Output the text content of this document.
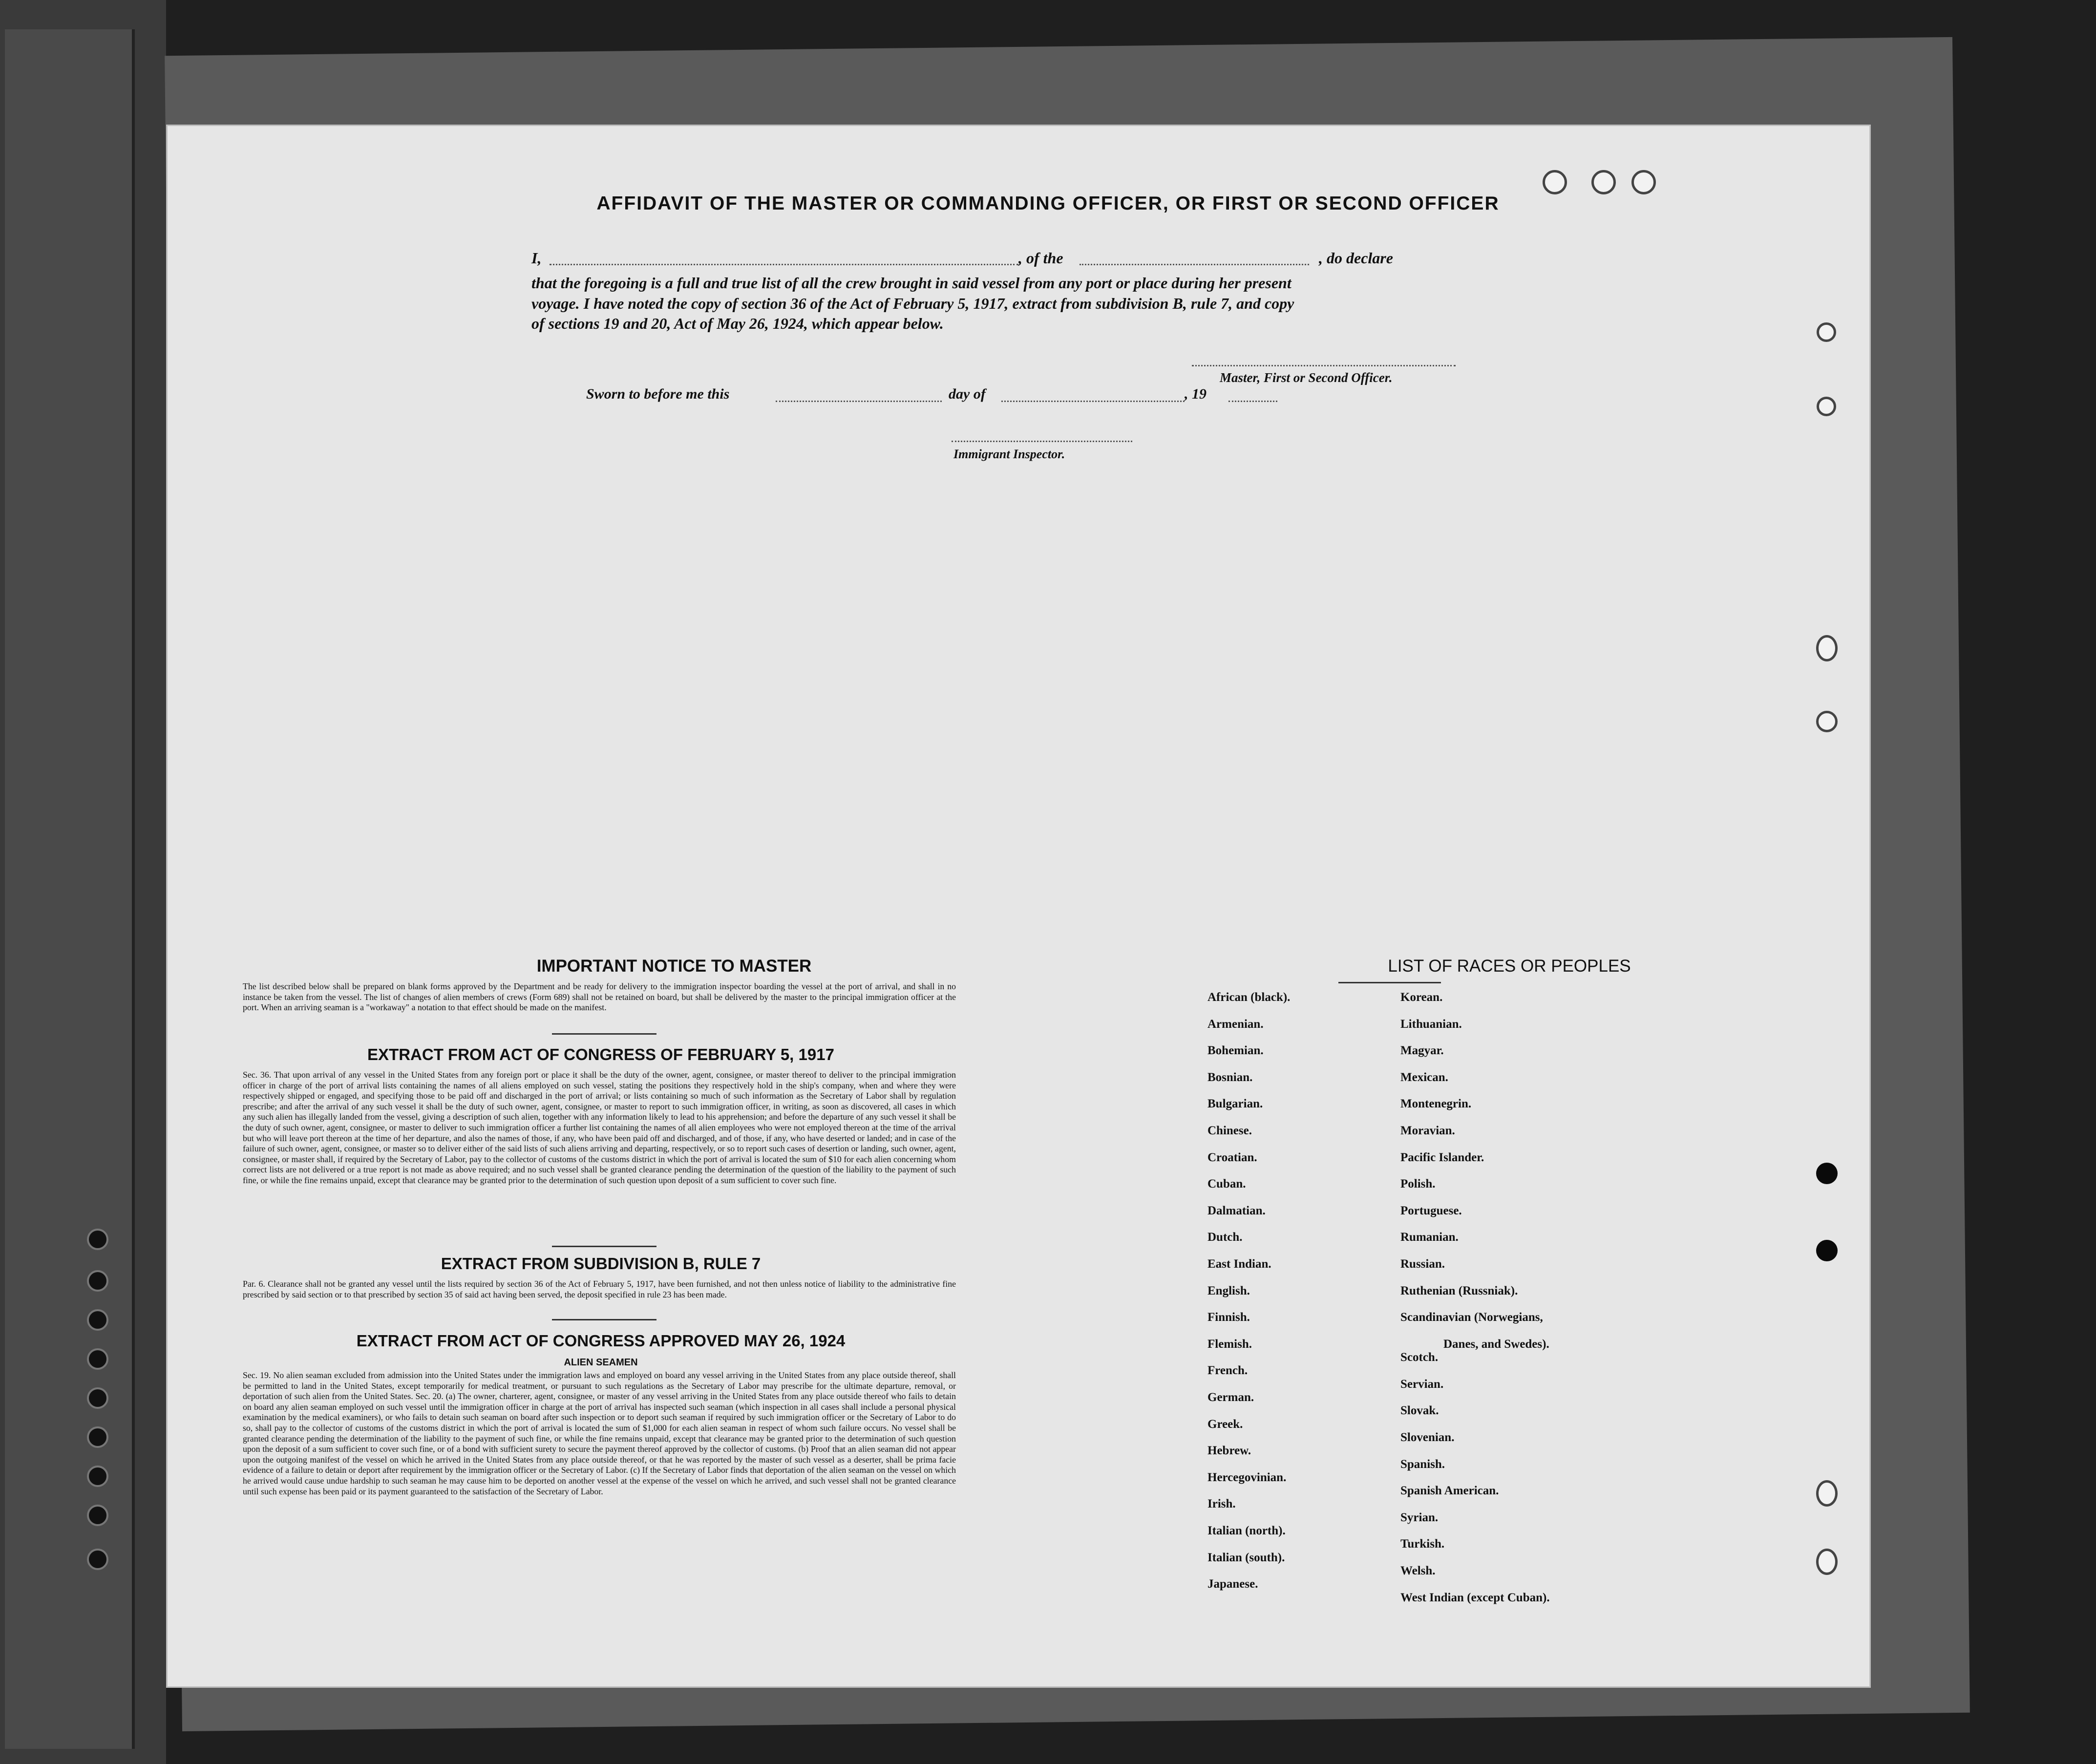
AFFIDAVIT OF THE MASTER OR COMMANDING OFFICER, OR FIRST OR SECOND OFFICER
I,	, of the	, do declare
that the foregoing is a full and true list of all the crew brought in said vessel from any port or place during her present
voyage. I have noted the copy of section 36 of the Act of February 5, 1917, extract from subdivision B, rule 7, and copy
of sections 19 and 20, Act of May 26, 1924, which appear below.
Master, First or Second Officer.
Sworn to before me this	day of	, 19
Immigrant Inspector.
IMPORTANT NOTICE TO MASTER
The list described below shall be prepared on blank forms approved by the Department and be ready for delivery to the immigration inspector boarding the vessel at the port of arrival, and shall in no instance be taken from the vessel. The list of changes of alien members of crews (Form 689) shall not be retained on board, but shall be delivered by the master to the principal immigration officer at the port. When an arriving seaman is a "workaway" a notation to that effect should be made on the manifest.
EXTRACT FROM ACT OF CONGRESS OF FEBRUARY 5, 1917
Sec. 36. That upon arrival of any vessel in the United States from any foreign port or place it shall be the duty of the owner, agent, consignee, or master thereof to deliver to the principal immigration officer in charge of the port of arrival lists containing the names of all aliens employed on such vessel, stating the positions they respectively hold in the ship's company, when and where they were respectively shipped or engaged, and specifying those to be paid off and discharged in the port of arrival; or lists containing so much of such information as the Secretary of Labor shall by regulation prescribe; and after the arrival of any such vessel it shall be the duty of such owner, agent, consignee, or master to report to such immigration officer, in writing, as soon as discovered, all cases in which any such alien has illegally landed from the vessel, giving a description of such alien, together with any information likely to lead to his apprehension; and before the departure of any such vessel it shall be the duty of such owner, agent, consignee, or master to deliver to such immigration officer a further list containing the names of all alien employees who were not employed thereon at the time of the arrival but who will leave port thereon at the time of her departure, and also the names of those, if any, who have been paid off and discharged, and of those, if any, who have deserted or landed; and in case of the failure of such owner, agent, consignee, or master so to deliver either of the said lists of such aliens arriving and departing, respectively, or so to report such cases of desertion or landing, such owner, agent, consignee, or master shall, if required by the Secretary of Labor, pay to the collector of customs of the customs district in which the port of arrival is located the sum of $10 for each alien concerning whom correct lists are not delivered or a true report is not made as above required; and no such vessel shall be granted clearance pending the determination of the question of the liability to the payment of such fine, or while the fine remains unpaid, except that clearance may be granted prior to the determination of such question upon deposit of a sum sufficient to cover such fine.
EXTRACT FROM SUBDIVISION B, RULE 7
Par. 6. Clearance shall not be granted any vessel until the lists required by section 36 of the Act of February 5, 1917, have been furnished, and not then unless notice of liability to the administrative fine prescribed by said section or to that prescribed by section 35 of said act having been served, the deposit specified in rule 23 has been made.
EXTRACT FROM ACT OF CONGRESS APPROVED MAY 26, 1924
ALIEN SEAMEN
Sec. 19. No alien seaman excluded from admission into the United States under the immigration laws and employed on board any vessel arriving in the United States from any place outside thereof, shall be permitted to land in the United States, except temporarily for medical treatment, or pursuant to such regulations as the Secretary of Labor may prescribe for the ultimate departure, removal, or deportation of such alien from the United States. Sec. 20. (a) The owner, charterer, agent, consignee, or master of any vessel arriving in the United States from any place outside thereof who fails to detain on board any alien seaman employed on such vessel until the immigration officer in charge at the port of arrival has inspected such seaman (which inspection in all cases shall include a personal physical examination by the medical examiners), or who fails to detain such seaman on board after such inspection or to deport such seaman if required by such immigration officer or the Secretary of Labor to do so, shall pay to the collector of customs of the customs district in which the port of arrival is located the sum of $1,000 for each alien seaman in respect of whom such failure occurs. No vessel shall be granted clearance pending the determination of the liability to the payment of such fine, or while the fine remains unpaid, except that clearance may be granted prior to the determination of such question upon the deposit of a sum sufficient to cover such fine, or of a bond with sufficient surety to secure the payment thereof approved by the collector of customs. (b) Proof that an alien seaman did not appear upon the outgoing manifest of the vessel on which he arrived in the United States from any place outside thereof, or that he was reported by the master of such vessel as a deserter, shall be prima facie evidence of a failure to detain or deport after requirement by the immigration officer or the Secretary of Labor. (c) If the Secretary of Labor finds that deportation of the alien seaman on the vessel on which he arrived would cause undue hardship to such seaman he may cause him to be deported on another vessel at the expense of the vessel on which he arrived, and such vessel shall not be granted clearance until such expense has been paid or its payment guaranteed to the satisfaction of the Secretary of Labor.
LIST OF RACES OR PEOPLES
African (black).
Armenian.
Bohemian.
Bosnian.
Bulgarian.
Chinese.
Croatian.
Cuban.
Dalmatian.
Dutch.
East Indian.
English.
Finnish.
Flemish.
French.
German.
Greek.
Hebrew.
Hercegovinian.
Irish.
Italian (north).
Italian (south).
Japanese.
Korean.
Lithuanian.
Magyar.
Mexican.
Montenegrin.
Moravian.
Pacific Islander.
Polish.
Portuguese.
Rumanian.
Russian.
Ruthenian (Russniak).
Scandinavian (Norwegians,
Danes, and Swedes).
Scotch.
Servian.
Slovak.
Slovenian.
Spanish.
Spanish American.
Syrian.
Turkish.
Welsh.
West Indian (except Cuban).
